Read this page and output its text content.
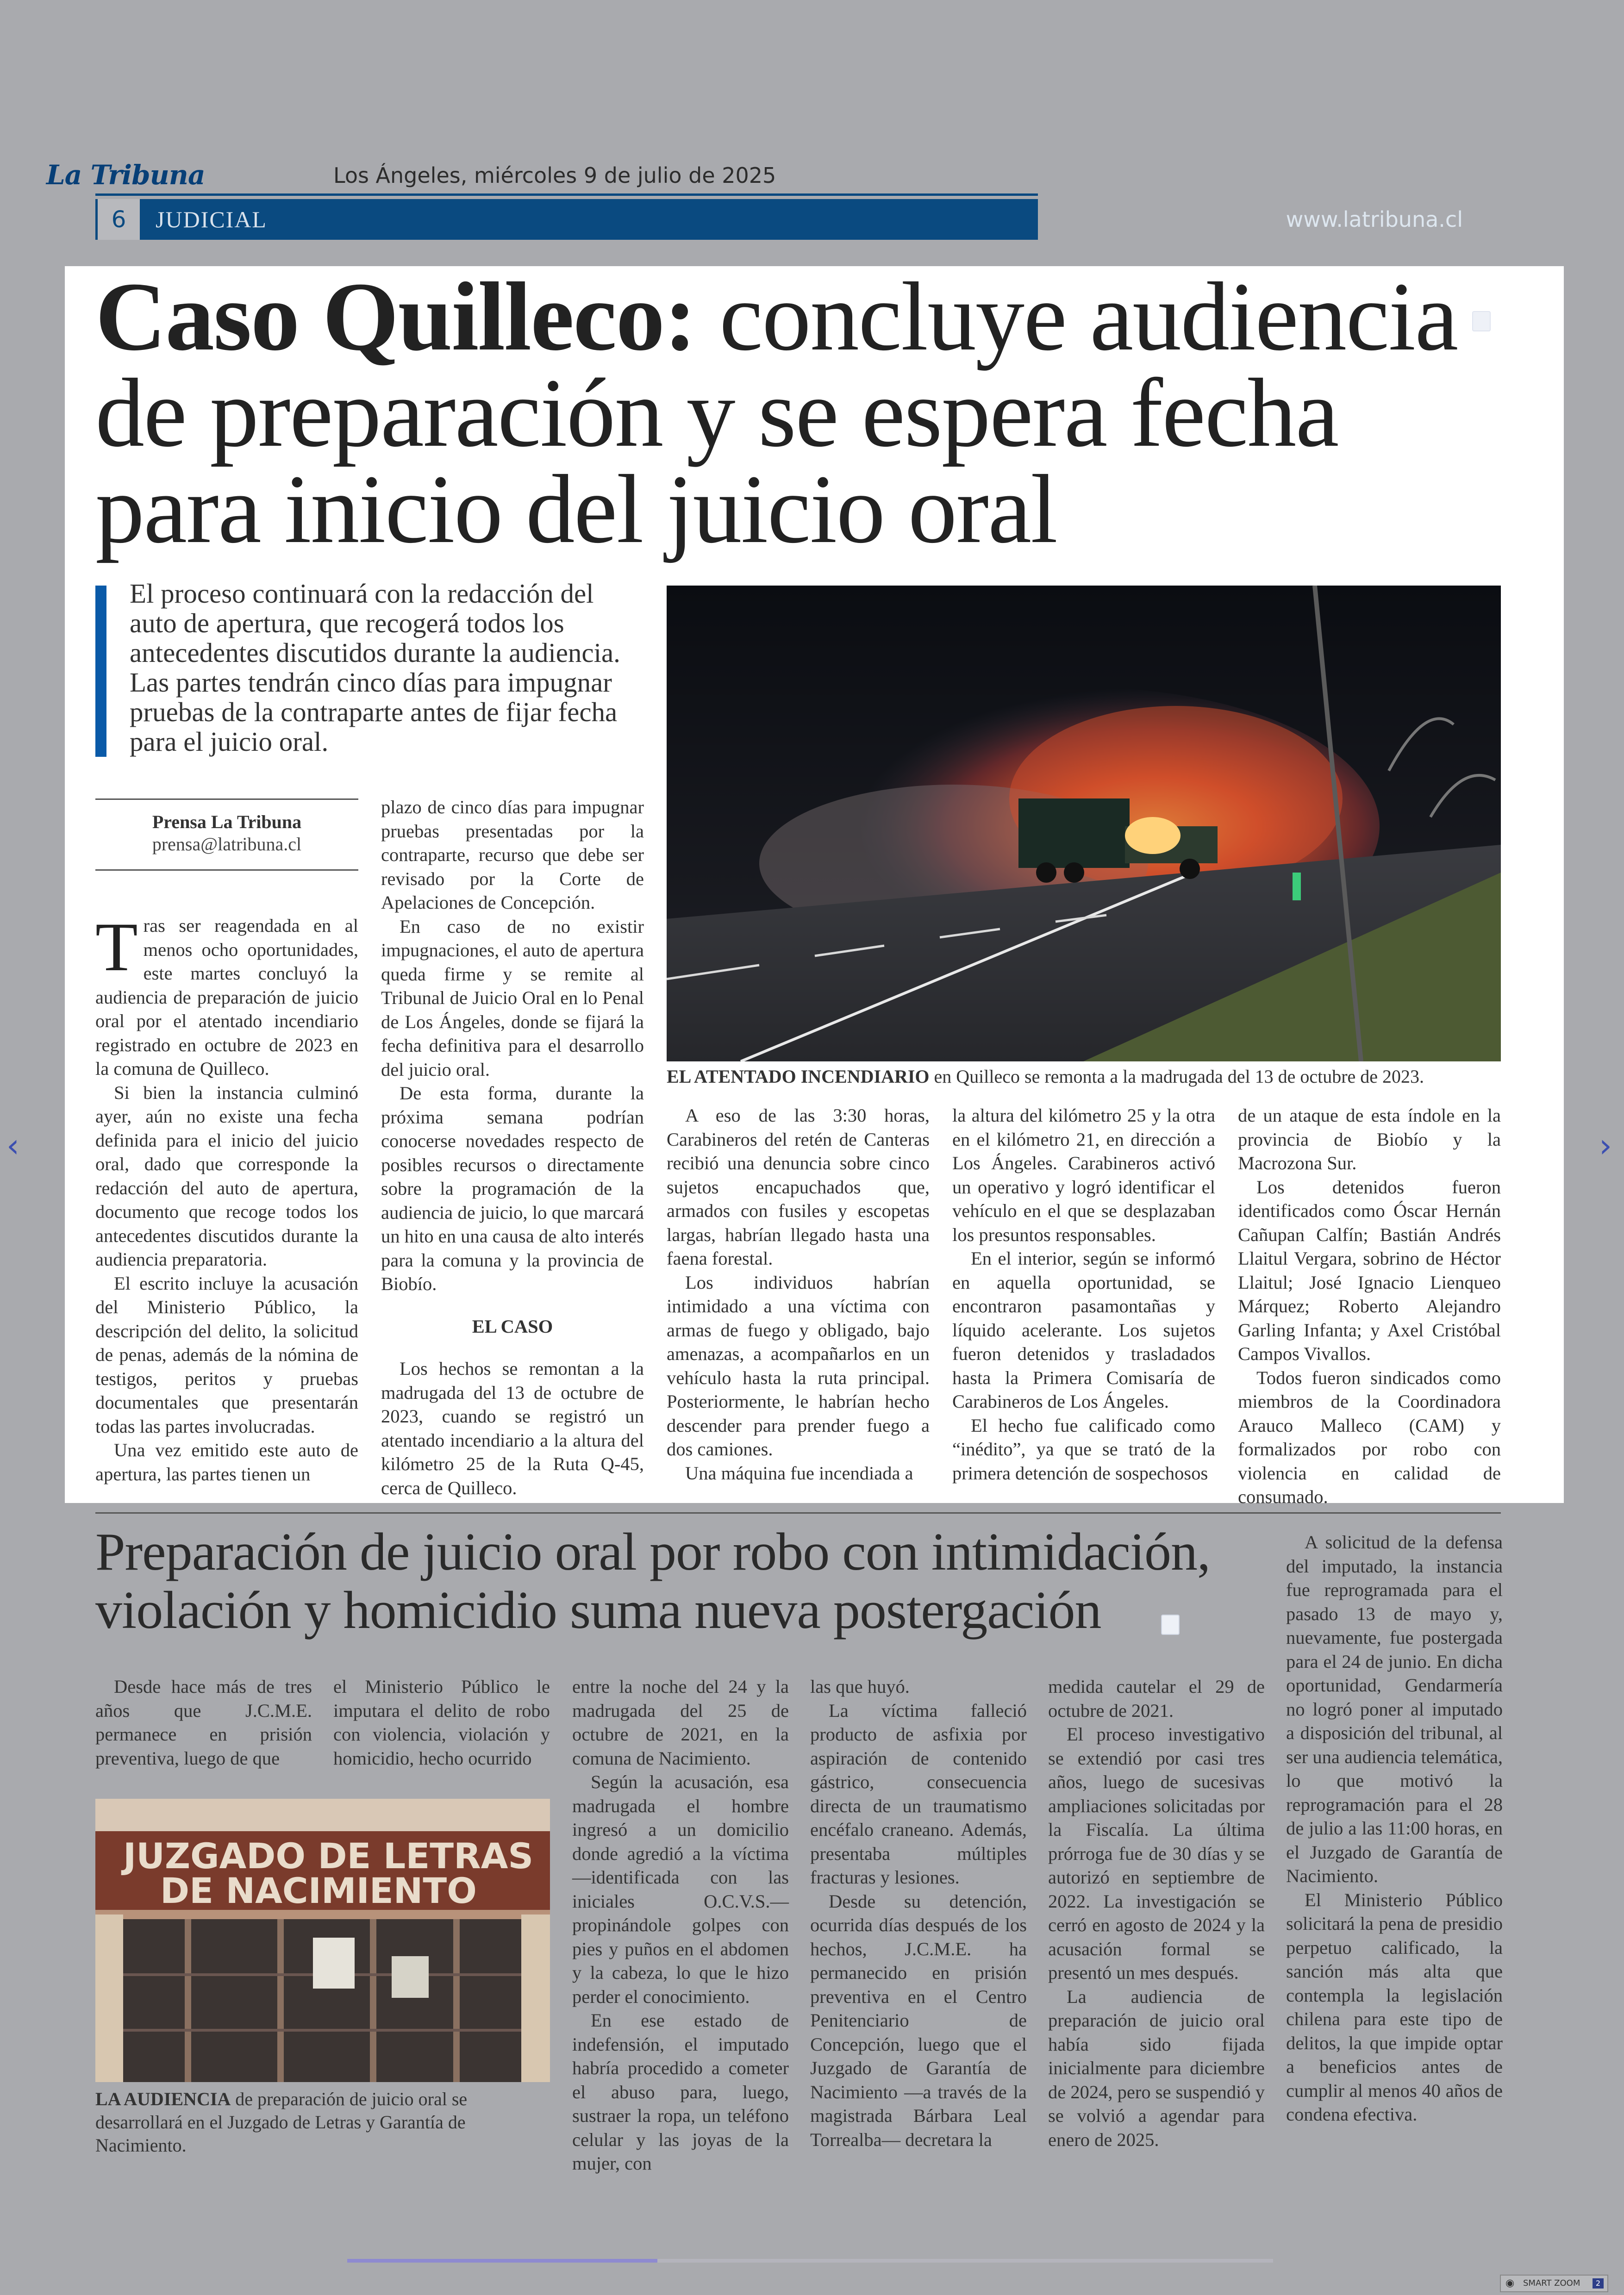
La Tribuna	Los Ángeles, miércoles 9 de julio de 2025
6	JUDICIAL	www.latribuna.cl
Caso Quilleco: concluye audiencia de preparación y se espera fecha para inicio del juicio oral
El proceso continuará con la redacción del auto de apertura, que recogerá todos los antecedentes discutidos durante la audiencia. Las partes tendrán cinco días para impugnar pruebas de la contraparte antes de fijar fecha para el juicio oral.
EL ATENTADO INCENDIARIO en Quilleco se remonta a la madrugada del 13 de octubre de 2023.
Prensa La Tribuna
prensa@latribuna.cl

Tras ser reagendada en al menos ocho oportunidades, este martes concluyó la audiencia de preparación de juicio oral por el atentado incendiario registrado en octubre de 2023 en la comuna de Quilleco.

Si bien la instancia culminó ayer, aún no existe una fecha definida para el inicio del juicio oral, dado que corresponde la redacción del auto de apertura, documento que recoge todos los antecedentes discutidos durante la audiencia preparatoria.

El escrito incluye la acusación del Ministerio Público, la descripción del delito, la solicitud de penas, además de la nómina de testigos, peritos y pruebas documentales que presentarán todas las partes involucradas.

Una vez emitido este auto de apertura, las partes tienen un

plazo de cinco días para impugnar pruebas presentadas por la contraparte, recurso que debe ser revisado por la Corte de Apelaciones de Concepción.

En caso de no existir impugnaciones, el auto de apertura queda firme y se remite al Tribunal de Juicio Oral en lo Penal de Los Ángeles, donde se fijará la fecha definitiva para el desarrollo del juicio oral.

De esta forma, durante la próxima semana podrían conocerse novedades respecto de posibles recursos o directamente sobre la programación de la audiencia de juicio, lo que marcará un hito en una causa de alto interés para la comuna y la provincia de Biobío.

EL CASO

Los hechos se remontan a la madrugada del 13 de octubre de 2023, cuando se registró un atentado incendiario a la altura del kilómetro 25 de la Ruta Q-45, cerca de Quilleco.

A eso de las 3:30 horas, Carabineros del retén de Canteras recibió una denuncia sobre cinco sujetos encapuchados que, armados con fusiles y escopetas largas, habrían llegado hasta una faena forestal.

Los individuos habrían intimidado a una víctima con armas de fuego y obligado, bajo amenazas, a acompañarlos en un vehículo hasta la ruta principal. Posteriormente, le habrían hecho descender para prender fuego a dos camiones.

Una máquina fue incendiada a

la altura del kilómetro 25 y la otra en el kilómetro 21, en dirección a Los Ángeles. Carabineros activó un operativo y logró identificar el vehículo en el que se desplazaban los presuntos responsables.

En el interior, según se informó en aquella oportunidad, se encontraron pasamontañas y líquido acelerante. Los sujetos fueron detenidos y trasladados hasta la Primera Comisaría de Carabineros de Los Ángeles.

El hecho fue calificado como “inédito”, ya que se trató de la primera detención de sospechosos

de un ataque de esta índole en la provincia de Biobío y la Macrozona Sur.

Los detenidos fueron identificados como Óscar Hernán Cañupan Calfín; Bastián Andrés Llaitul Vergara, sobrino de Héctor Llaitul; José Ignacio Lienqueo Márquez; Roberto Alejandro Garling Infanta; y Axel Cristóbal Campos Vivallos.

Todos fueron sindicados como miembros de la Coordinadora Arauco Malleco (CAM) y formalizados por robo con violencia en calidad de consumado.

Preparación de juicio oral por robo con intimidación, violación y homicidio suma nueva postergación

Desde hace más de tres años que J.C.M.E. permanece en prisión preventiva, luego de que

el Ministerio Público le imputara el delito de robo con violencia, violación y homicidio, hecho ocurrido

entre la noche del 24 y la madrugada del 25 de octubre de 2021, en la comuna de Nacimiento.

Según la acusación, esa madrugada el hombre ingresó a un domicilio donde agredió a la víctima —identificada con las iniciales O.C.V.S.— propinándole golpes con pies y puños en el abdomen y la cabeza, lo que le hizo perder el conocimiento.

En ese estado de indefensión, el imputado habría procedido a cometer el abuso para, luego, sustraer la ropa, un teléfono celular y las joyas de la mujer, con

las que huyó.

La víctima falleció producto de asfixia por aspiración de contenido gástrico, consecuencia directa de un traumatismo encéfalo craneano. Además, presentaba múltiples fracturas y lesiones.

Desde su detención, ocurrida días después de los hechos, J.C.M.E. ha permanecido en prisión preventiva en el Centro Penitenciario de Concepción, luego que el Juzgado de Garantía de Nacimiento —a través de la magistrada Bárbara Leal Torrealba— decretara la

medida cautelar el 29 de octubre de 2021.

El proceso investigativo se extendió por casi tres años, luego de sucesivas ampliaciones solicitadas por la Fiscalía. La última prórroga fue de 30 días y se autorizó en septiembre de 2022. La investigación se cerró en agosto de 2024 y la acusación formal se presentó un mes después.

La audiencia de preparación de juicio oral había sido fijada inicialmente para diciembre de 2024, pero se suspendió y se volvió a agendar para enero de 2025.

A solicitud de la defensa del imputado, la instancia fue reprogramada para el pasado 13 de mayo y, nuevamente, fue postergada para el 24 de junio. En dicha oportunidad, Gendarmería no logró poner al imputado a disposición del tribunal, al ser una audiencia telemática, lo que motivó la reprogramación para el 28 de julio a las 11:00 horas, en el Juzgado de Garantía de Nacimiento.

El Ministerio Público solicitará la pena de presidio perpetuo calificado, la sanción más alta que contempla la legislación chilena para este tipo de delitos, la que impide optar a beneficios antes de cumplir al menos 40 años de condena efectiva.

JUZGADO DE LETRAS
DE NACIMIENTO
LA AUDIENCIA de preparación de juicio oral se desarrollará en el Juzgado de Letras y Garantía de Nacimiento.
‹	›
◉ SMART ZOOM	2
